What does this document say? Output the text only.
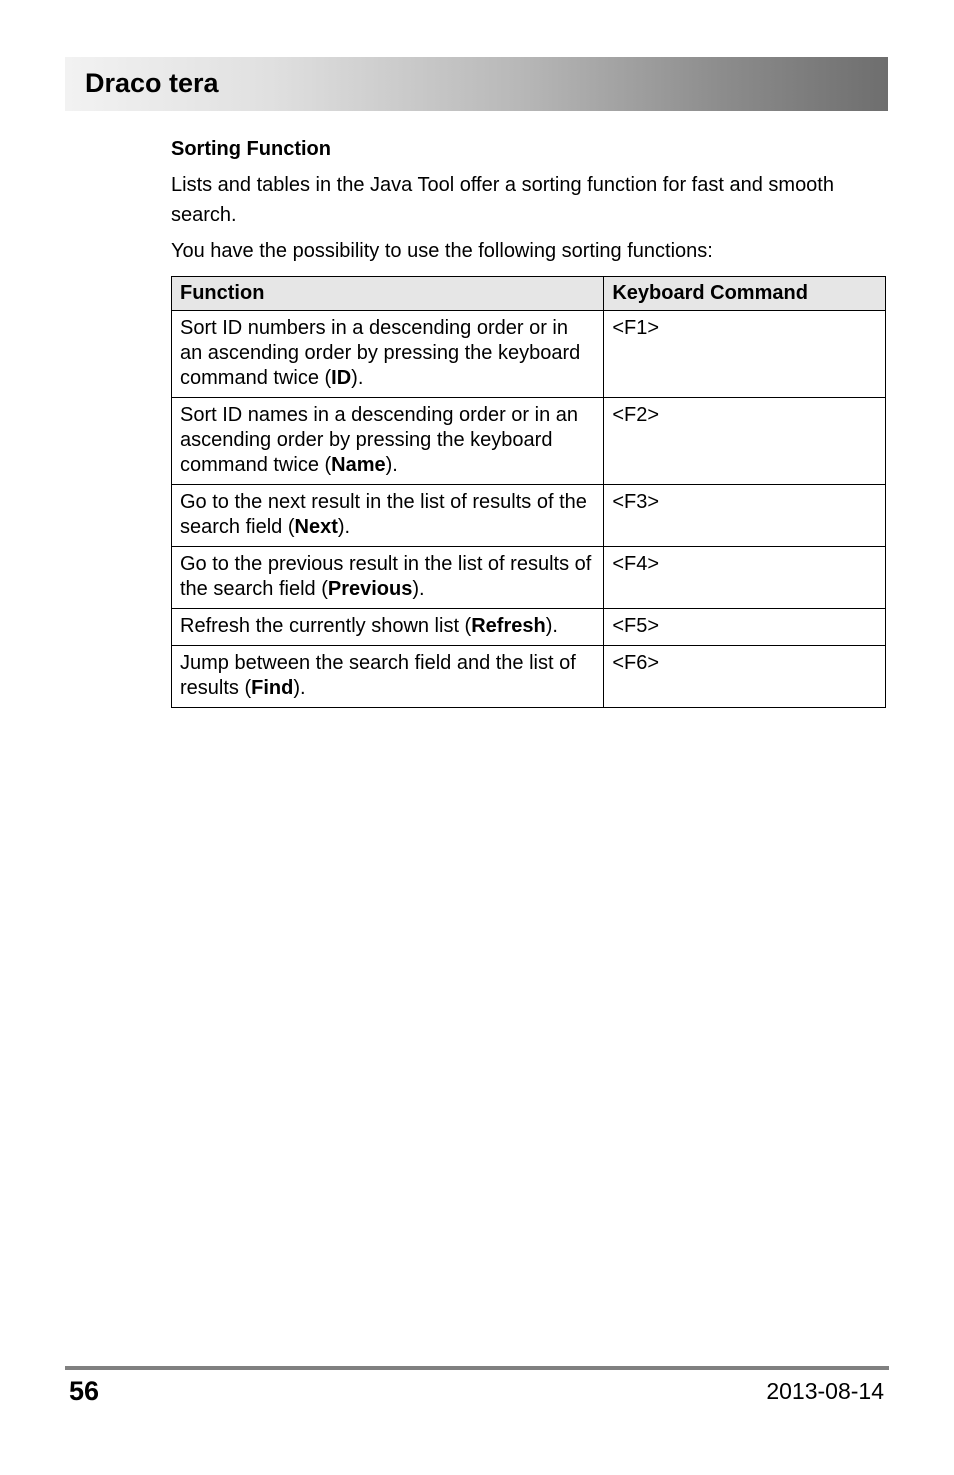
Draco tera
Sorting Function

Lists and tables in the Java Tool offer a sorting function for fast and smooth search.

You have the possibility to use the following sorting functions:

Function	Keyboard Command
Sort ID numbers in a descending order or in an ascending order by pressing the keyboard command twice (ID).	<F1>
Sort ID names in a descending order or in an ascending order by pressing the keyboard command twice (Name).	<F2>
Go to the next result in the list of results of the search field (Next).	<F3>
Go to the previous result in the list of results of the search field (Previous).	<F4>
Refresh the currently shown list (Refresh).	<F5>
Jump between the search field and the list of results (Find).	<F6>
56	2013-08-14
